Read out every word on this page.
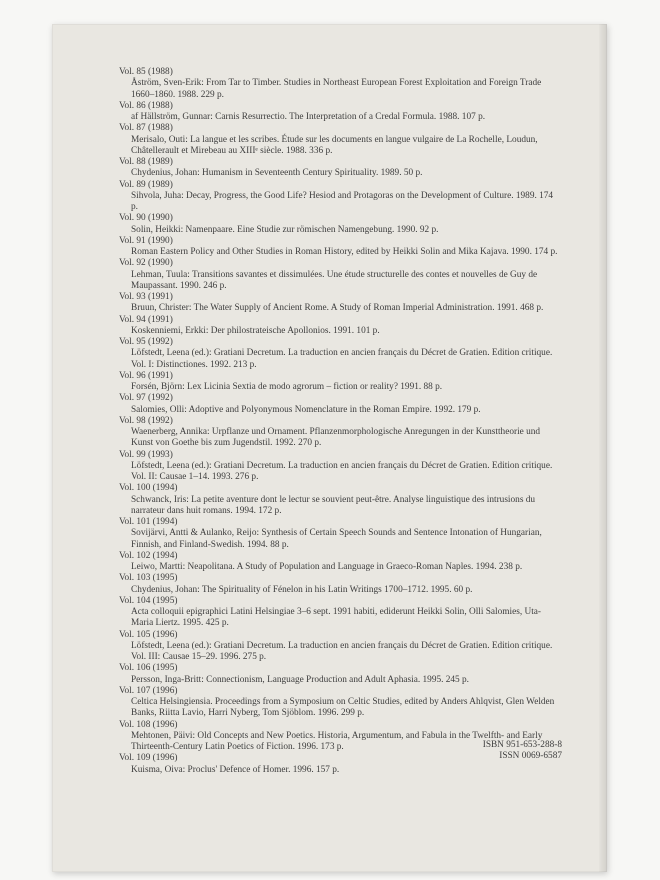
Vol. 85 (1988)
Åström, Sven-Erik: From Tar to Timber. Studies in Northeast European Forest Exploitation and Foreign Trade 1660–1860. 1988. 229 p.
Vol. 86 (1988)
af Hällström, Gunnar: Carnis Resurrectio. The Interpretation of a Credal Formula. 1988. 107 p.
Vol. 87 (1988)
Merisalo, Outi: La langue et les scribes. Étude sur les documents en langue vulgaire de La Rochelle, Loudun, Châtellerault et Mirebeau au XIIIᵉ siècle. 1988. 336 p.
Vol. 88 (1989)
Chydenius, Johan: Humanism in Seventeenth Century Spirituality. 1989. 50 p.
Vol. 89 (1989)
Sihvola, Juha: Decay, Progress, the Good Life? Hesiod and Protagoras on the Development of Culture. 1989. 174 p.
Vol. 90 (1990)
Solin, Heikki: Namenpaare. Eine Studie zur römischen Namengebung. 1990. 92 p.
Vol. 91 (1990)
Roman Eastern Policy and Other Studies in Roman History, edited by Heikki Solin and Mika Kajava. 1990. 174 p.
Vol. 92 (1990)
Lehman, Tuula: Transitions savantes et dissimulées. Une étude structurelle des contes et nouvelles de Guy de Maupassant. 1990. 246 p.
Vol. 93 (1991)
Bruun, Christer: The Water Supply of Ancient Rome. A Study of Roman Imperial Administration. 1991. 468 p.
Vol. 94 (1991)
Koskenniemi, Erkki: Der philostrateische Apollonios. 1991. 101 p.
Vol. 95 (1992)
Löfstedt, Leena (ed.): Gratiani Decretum. La traduction en ancien français du Décret de Gratien. Edition critique. Vol. I: Distinctiones. 1992. 213 p.
Vol. 96 (1991)
Forsén, Björn: Lex Licinia Sextia de modo agrorum – fiction or reality? 1991. 88 p.
Vol. 97 (1992)
Salomies, Olli: Adoptive and Polyonymous Nomenclature in the Roman Empire. 1992. 179 p.
Vol. 98 (1992)
Waenerberg, Annika: Urpflanze und Ornament. Pflanzenmorphologische Anregungen in der Kunsttheorie und Kunst von Goethe bis zum Jugendstil. 1992. 270 p.
Vol. 99 (1993)
Löfstedt, Leena (ed.): Gratiani Decretum. La traduction en ancien français du Décret de Gratien. Edition critique. Vol. II: Causae 1–14. 1993. 276 p.
Vol. 100 (1994)
Schwanck, Iris: La petite aventure dont le lectur se souvient peut-être. Analyse linguistique des intrusions du narrateur dans huit romans. 1994. 172 p.
Vol. 101 (1994)
Sovijärvi, Antti & Aulanko, Reijo: Synthesis of Certain Speech Sounds and Sentence Intonation of Hungarian, Finnish, and Finland-Swedish. 1994. 88 p.
Vol. 102 (1994)
Leiwo, Martti: Neapolitana. A Study of Population and Language in Graeco-Roman Naples. 1994. 238 p.
Vol. 103 (1995)
Chydenius, Johan: The Spirituality of Fénelon in his Latin Writings 1700–1712. 1995. 60 p.
Vol. 104 (1995)
Acta colloquii epigraphici Latini Helsingiae 3–6 sept. 1991 habiti, ediderunt Heikki Solin, Olli Salomies, Uta-Maria Liertz. 1995. 425 p.
Vol. 105 (1996)
Löfstedt, Leena (ed.): Gratiani Decretum. La traduction en ancien français du Décret de Gratien. Edition critique. Vol. III: Causae 15–29. 1996. 275 p.
Vol. 106 (1995)
Persson, Inga-Britt: Connectionism, Language Production and Adult Aphasia. 1995. 245 p.
Vol. 107 (1996)
Celtica Helsingiensia. Proceedings from a Symposium on Celtic Studies, edited by Anders Ahlqvist, Glen Welden Banks, Riitta Lavio, Harri Nyberg, Tom Sjöblom. 1996. 299 p.
Vol. 108 (1996)
Mehtonen, Päivi: Old Concepts and New Poetics. Historia, Argumentum, and Fabula in the Twelfth- and Early Thirteenth-Century Latin Poetics of Fiction. 1996. 173 p.
Vol. 109 (1996)
Kuisma, Oiva: Proclus' Defence of Homer. 1996. 157 p.
ISBN 951-653-288-8
ISSN 0069-6587
